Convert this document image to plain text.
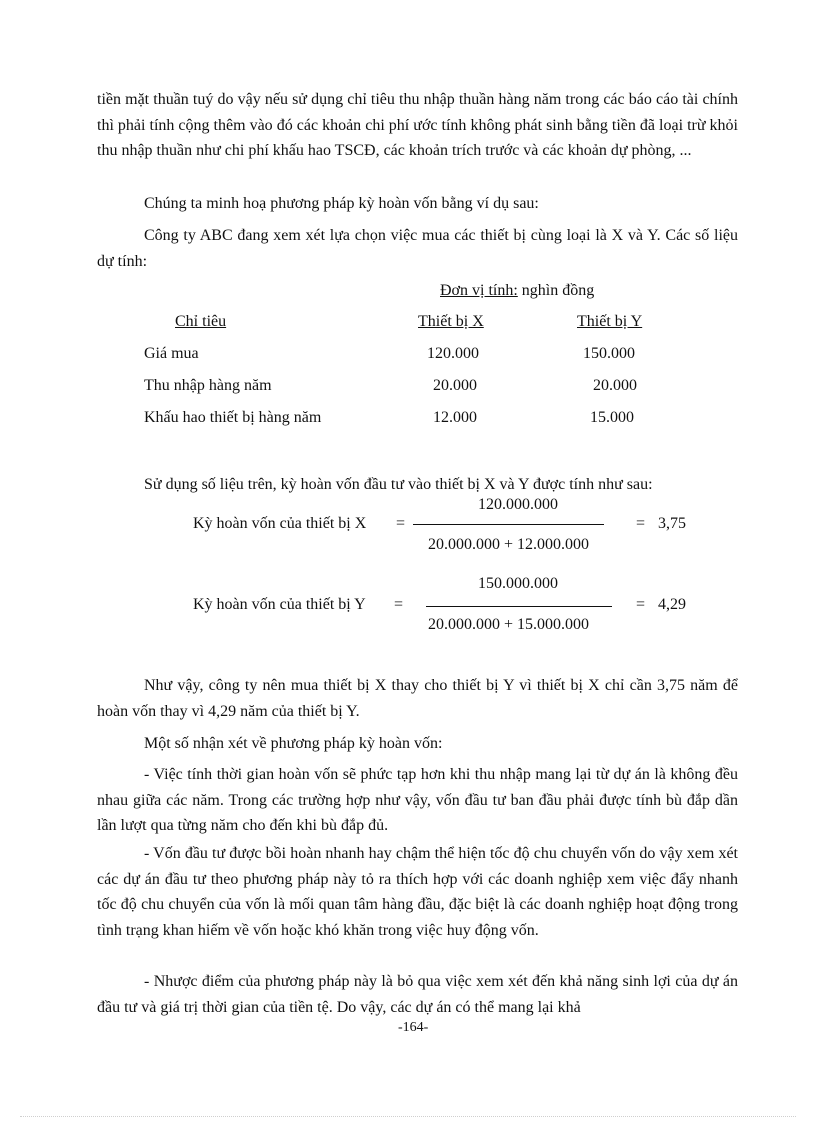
tiền mặt thuần tuý do vậy nếu sử dụng chỉ tiêu thu nhập thuần hàng năm trong các báo cáo tài chính thì phải tính cộng thêm vào đó các khoản chi phí ước tính không phát sinh bằng tiền đã loại trừ khỏi thu nhập thuần như chi phí khấu hao TSCĐ, các khoản trích trước và các khoản dự phòng, ...

Chúng ta minh hoạ phương pháp kỳ hoàn vốn bằng ví dụ sau:

Công ty ABC đang xem xét lựa chọn việc mua các thiết bị cùng loại là X và Y. Các số liệu dự tính:

Đơn vị tính: nghìn đồng
Chỉ tiêu	Thiết bị X	Thiết bị Y
Giá mua	120.000	150.000
Thu nhập hàng năm	20.000	20.000
Khấu hao thiết bị hàng năm	12.000	15.000

Sử dụng số liệu trên, kỳ hoàn vốn đầu tư vào thiết bị X và Y được tính như sau:

120.000.000
Kỳ hoàn vốn của thiết bị X =	= 3,75
20.000.000 + 12.000.000
150.000.000
Kỳ hoàn vốn của thiết bị Y =	= 4,29
20.000.000 + 15.000.000

Như vậy, công ty nên mua thiết bị X thay cho thiết bị Y vì thiết bị X chỉ cần 3,75 năm để hoàn vốn thay vì 4,29 năm của thiết bị Y.

Một số nhận xét về phương pháp kỳ hoàn vốn:

- Việc tính thời gian hoàn vốn sẽ phức tạp hơn khi thu nhập mang lại từ dự án là không đều nhau giữa các năm. Trong các trường hợp như vậy, vốn đầu tư ban đầu phải được tính bù đắp dần lần lượt qua từng năm cho đến khi bù đắp đủ.

- Vốn đầu tư được bồi hoàn nhanh hay chậm thể hiện tốc độ chu chuyển vốn do vậy xem xét các dự án đầu tư theo phương pháp này tỏ ra thích hợp với các doanh nghiệp xem việc đẩy nhanh tốc độ chu chuyển của vốn là mối quan tâm hàng đầu, đặc biệt là các doanh nghiệp hoạt động trong tình trạng khan hiếm về vốn hoặc khó khăn trong việc huy động vốn.

- Nhược điểm của phương pháp này là bỏ qua việc xem xét đến khả năng sinh lợi của dự án đầu tư và giá trị thời gian của tiền tệ. Do vậy, các dự án có thể mang lại khả

-164-
